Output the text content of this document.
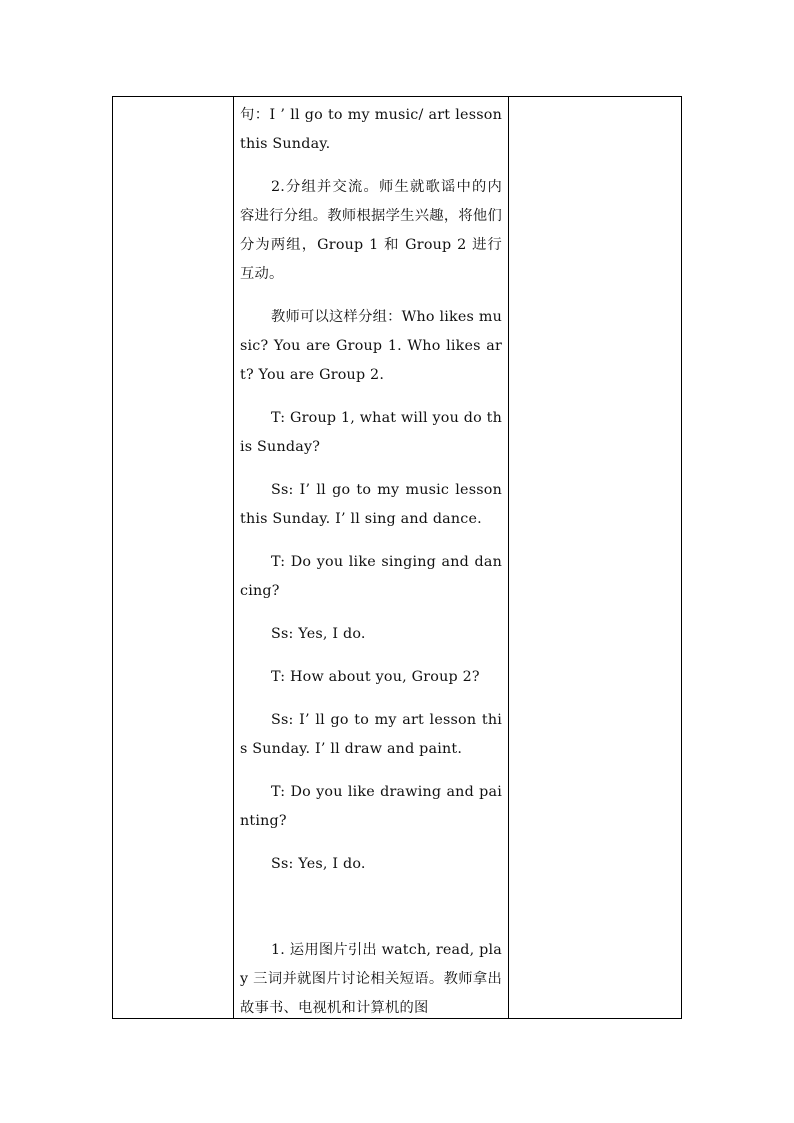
句：I ’ ll go to my music/ art lesson this Sunday.

2.分组并交流。师生就歌谣中的内容进行分组。教师根据学生兴趣，将他们分为两组，Group 1 和 Group 2 进行互动。

教师可以这样分组：Who likes music? You are Group 1. Who likes art? You are Group 2.

T: Group 1, what will you do this Sunday?

Ss: I’ ll go to my music lesson this Sunday. I’ ll sing and dance.

T: Do you like singing and dancing?

Ss: Yes, I do.

T: How about you, Group 2?

Ss: I’ ll go to my art lesson this Sunday. I’ ll draw and paint.

T: Do you like drawing and painting?

Ss: Yes, I do.

1. 运用图片引出 watch, read, play 三词并就图片讨论相关短语。教师拿出故事书、电视机和计算机的图
